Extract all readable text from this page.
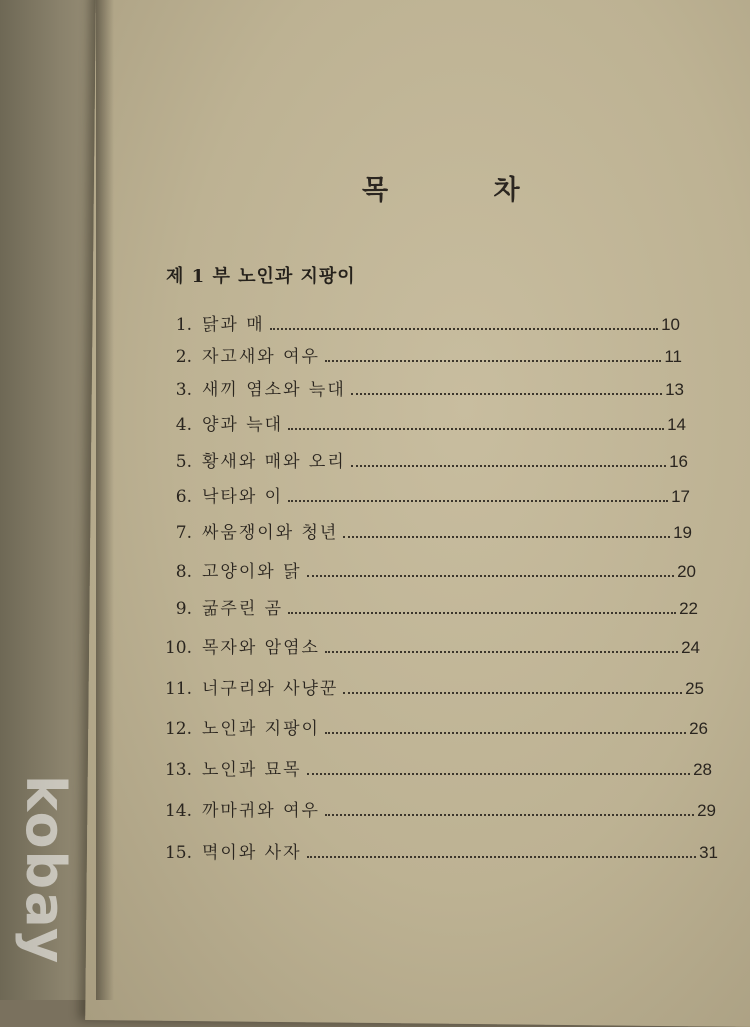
목 차
제 1 부 노인과 지팡이
1. 닭과 매	10
2. 자고새와 여우	11
3. 새끼 염소와 늑대	13
4. 양과 늑대	14
5. 황새와 매와 오리	16
6. 낙타와 이	17
7. 싸움쟁이와 청년	19
8. 고양이와 닭	20
9. 굶주린 곰	22
10. 목자와 암염소	24
11. 너구리와 사냥꾼	25
12. 노인과 지팡이	26
13. 노인과 묘목	28
14. 까마귀와 여우	29
15. 멱이와 사자	31
kobay
